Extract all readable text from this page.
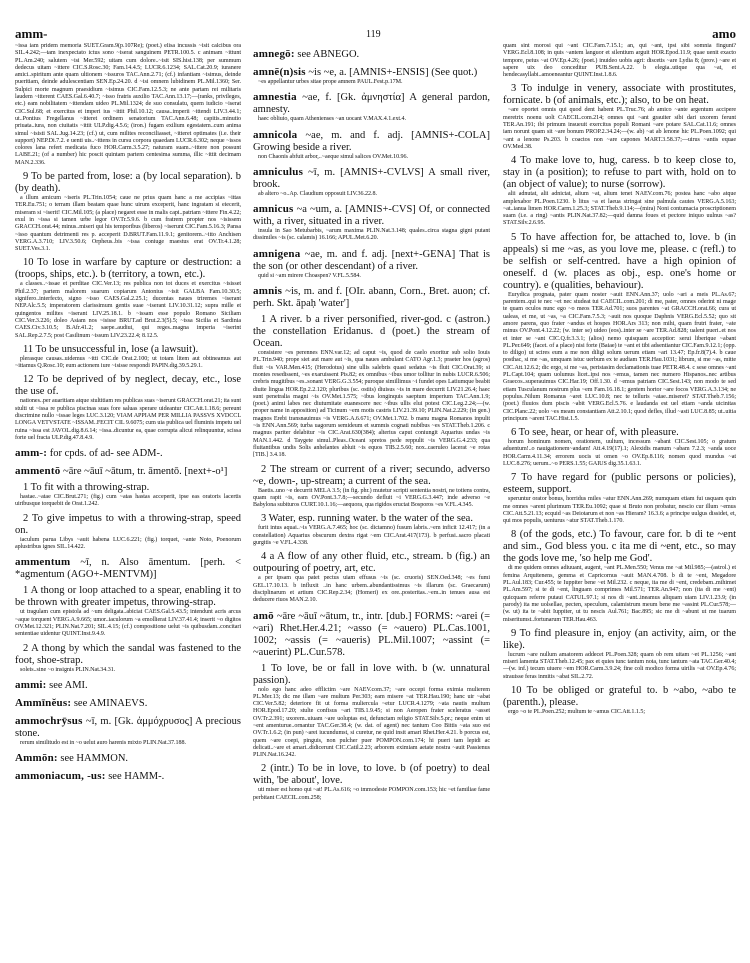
amm-	119	amo

~issa iam pridem memoria SUET.Gram.9(p.107Re); (poet.) elisa incussis ~isit calcibus ora SIL.4.242;—tam inexpectato ictus sono ~iserat sanguinem PETR.100.5. c animam ~ittunt PL.Am.240; salutem ~isi Mer.592; uitam cum dolore..~isit SIS.hist.138; per summum dedecus uitam ~ittere CIC.S.Rosc.30; Fam.14.4.5; LUCR.6.1234; SAL.Cat.20.9; iuranere amici..spiritum ante quam ultionem ~issuros TAC.Ann.2.71; (cf.) infantiam ~isimus, deinde pueritiam, deinde adulescentiam SEN.Ep.24.20. d ~isi omnem lubidinem PL.Mil.1360; Ser. Sulpici morte magnum praesidium ~isimus CIC.Fam.12.5.3; ne ante partam rei militaris laudem ~itterent CAES.Gal.6.40.7; ~isso fratris auxilio TAC.Ann.13.17;—(ranks, privileges, etc.) eam nobilitatem ~ittendam uideo PL.Mil.1324; de suo consulatu, quem iudicio ~iserat CIC.Sul.68; et exercitus et imperi ius ~ittit Phil.10.12; causa..imperii ~ittendi LIV.3.44.1; ut..Pontius Fregellanus ~itteret ordinem senatorium TAC.Ann.6.48; capitis..minutio priuata..iura, non ciuitatis ~ittit ULP.dig.4.5.6; (iron.) fugam exilium egestatem..cum anima simul ~isisti SAL.Jug.14.23; (cf.) ut, cum milites reconciliasset, ~itteret optimates (i.e. their support) NEP.Di.7.2. e uenti uis..~ittens in cursu corpora quaedam LUCR.6.302; neque ~issos colores lana refert medicata fuco HOR.Carm.3.5.27; naturam suam..~ittere non possunt LABE.21; (of a number) hic poscit quintam partem centesima summa, illic ~ittit decimam MAN.2.336.

9 To be parted from, lose: a (by local separation). b (by death).

a illum amicum ~iseris PL.Trin.1054; caue ne prius quam hanc a me accipias ~ittas TER.Eu.751; o terram illam beatam quae hunc uirum exceperit, hanc ingratam si eiecerit, miseram si ~iserit! CIC.Mil.105; (a place) negaret esse in malis capi..patriam ~ittere Fin.4.22; exul in ~issa si tamen urbe legor OV.Tr.5.9.6. b cum fratrem propter nos ~isissem GRACCH.orat.44; minus..miseri qui his temporibus (liberos) ~iserunt CIC.Fam.5.16.3; Pansa ~isso quantum detrimenti res p. acceperit D.BRUT.Fam.11.9.1; genitorem..~itto Anchisen VERG.A.3.710; LIV.3.50.6; Orpheus..bis ~issa coniuge maestus erat OV.Tr.4.1.28; SUET.Ves.3.1.

10 To lose in warfare by capture or destruction: a (troops, ships, etc.). b (territory, a town, etc.).

a classes..~issae et perditae CIC.Ver.13; res publica non tot duces et exercitus ~isisset Phil.2.37; partem malorem suarum copiarum Antonius ~isit GALBA Fam.10.30.5; signifero..interfecto, signo ~isso CAES.Gal.2.25.1; ducentas naues triremes ~iserant NEP.Alc.5.5; imperatorem clarissimum gentis suae ~iserant LIV.10.31.12; supra mille et quingentos milites ~iserant LIV.25.18.1. b ~issam esse populo Romano Siciliam CIC.Ver.3.226; doleo Asiam nos ~isisse BRUT.ad Brut.2.3(5).5; ~issa Sicilia et Sardinia CAES.Civ.3.10.5; B.Afr.41.2; saepe..audiui, qui reges..magna imperia ~iserint SAL.Rep.2.7.5; post Casilinum ~issum LIV.23.22.4; 8.12.5.

11 To be unsuccessful in, lose (a lawsuit).

plerasque causas..uidemus ~itti CIC.de Orat.2.100; ut totam litem aut obtineamus aut ~ittamus Q.Rosc.10; eum actionem iure ~isisse respondi PAPIN.dig.39.5.29.1.

12 To be deprived of by neglect, decay, etc., lose the use of.

nationes..per auaritiam atque stultitiam res publicas suas ~iserunt GRACCH.orat.21; ita sunt stulti ut ~issa re publica piscinas suas fore saluas sperare uideantur CIC.Att.1.18.6; pereunt discrimine nullo ~issae leges LUC.3.120; VIAM APPIAM PER MILLIA PASSVS XVDCCL LONGA VETVSTATE ~ISSAM..FECIT CIL 9.6075; cum uia publica uel fluminis impetu uel ruina ~issa est JAVOL.dig.8.6.14; ~issa..dicuntur ea, quae corrupta alicui relinquuntur, scissa forte uel fracta ULP.dig.47.8.4.9.

amm-: for cpds. of ad- see ADM-.

ammentō ~āre ~āuī ~ātum, tr. āmentō. [next+-o¹]

1 To fit with a throwing-strap.

hastae..~atae CIC.Brut.271; (fig.) cum ~atas hastas acceperit, ipse eas oratoris lacertis uiribusque torquebit de Orat.1.242.

2 To give impetus to with a throwing-strap, speed on.

iaculum parua Libys ~auit habena LUC.6.221; (fig.) torquet, ~ante Noto, Poenorum aplustribus ignes SIL.14.422.

ammentum ~ī, n. Also āmentum. [perh. < *agmentum (AGO+-MENTVM)]

1 A thong or loop attached to a spear, enabling it to be thrown with greater impetus, throwing-strap.

ut tragulam cum epistola ad ~um deligata..abiciat CAES.Gal.5.43.5; intendunt acris arcus ~aque torquent VERG.A.9.665; umor..iaculorum ~a emollierat LIV.37.41.4; inserit ~o digitos OV.Met.12.321; PLIN.Nat.7.201; SIL.4.15; (cf.) compositione uelut ~is quibusdam..concitari sententiae uidentur QUINT.Inst.9.4.9.

2 A thong by which the sandal was fastened to the foot, shoe-strap.

soleis..sine ~o insignis PLIN.Nat.34.31.

ammi: see AMI.

Ammīnĕus: see AMINAEVS.

ammochrȳsus ~ī, m. [Gk. ἀμμόχρυσος] A precious stone.

rerum similitudo est in ~o uelut auro harenis mixto PLIN.Nat.37.188.

Ammōn: see HAMMON.

ammoniacum, -us: see HAMM-.

amnegō: see ABNEGO.

amnē(n)sis ~is ~e, a. [AMNIS+-ENSIS] (See quot.)

~es appellantur urbes sitae prope amnem PAUL.Fest.p.17M.

amnestia ~ae, f. [Gk. ἀμνηστία] A general pardon, amnesty.

haec obliuio, quam Athenienses ~an uocant V.MAX.4.1.ext.4.

amnicola ~ae, m. and f. adj. [AMNIS+-COLA] Growing beside a river.

non Chaonis abfuit arbor,..~aeque simul salices OV.Met.10.96.

amniculus ~ī, m. [AMNIS+-CVLVS] A small river, brook.

ab altero ~o..Ap. Claudium opposuit LIV.36.22.8.

amnicus ~a ~um, a. [AMNIS+-CVS] Of, or connected with, a river, situated in a river.

insula in Sao Metubarbis, ~arum maxima PLIN.Nat.3.148; quales..circa stagna gigni putant dissimiles ~is (sc. calamis) 16.166; APUL.Met.6.20.

amnigena ~ae, m. and f. adj. [next+-GENA] That is the son (or other descendant) of a river.

quid si ~am mirere Choaspen? V.FL.5.584.

amnis ~is, m. and f. [OIr. abann, Corn., Bret. auon; cf. perh. Skt. āpaḥ 'water']

1 A river. b a river personified, river-god. c (astron.) the constellation Eridanus. d (poet.) the stream of Ocean.

consistere ~es perennes ENN.var.12; ad caput ~is, quod de caelo exoritur sub solio Iouis PL.Trin.940; prope siet aut mare aut ~is, qua naues ambulant CATO Agr.1.3; praeter hos (agros) fluit ~is VAR.Men.415; (Herodotus) sine ullis salebris quasi sedatus ~is fluit CIC.Orat.39; si montes resedissent, ~es exaruissent Pis.82; ex omnibus ~ibus umor tollitur in nubis LUCR.6.506; crebris mugitibus ~es..sonant VERG.G.3.554; puroque simillimus ~i fundet opes Latiumque beabit diuite lingua HOR.Ep.2.2.120; pluribus (sc. ostiis) diuisus ~is in mare decurrit LIV.21.26.4; haec sunt penetralia magni ~is OV.Met.1.575; ~ibus longinquis saeptum imperium TAC.Ann.1.9; (poet.) animi labes nec diuturnitate euanescere nec ~ibus ullis elui potest CIC.Leg.2.24;—(w. proper name in apposition) ad Ticinum ~em motis castris LIV.21.39.10; PLIN.Nat.2.229; (in gen.) magnos Erebi transnauimus ~is VERG.A.6.671; OV.Met.1.702. b manu magna Romanos inpulit ~is ENN.Ann.569; turba uagorum semideum et summis cognati nubibus ~es STAT.Theb.1.206. c magnus pariter delabitur ~is CIC.Arat.630(384); alterius caput coniungit Aquarius undas ~is MAN.1.442. d Taygete simul..Pleas..Oceani spretos pede reppulit ~is VERG.G.4.233; qua fluitantibus undis Solis anhelantes abluit ~is equos TIB.2.5.60; nox..caeruleo lacerat ~e rotas [TIB.] 3.4.18.

2 The stream or current of a river; secundo, adverso ~e, down-, up-stream; a current of the sea.

Baetis..uno ~e decurrit MELA 3.5; (in fig. phr.) mutetur scripti sententia nostri, ne totiens contra, quam rapit ~is, eam OV.Pont.3.7.8;—secundo defluit ~i VERG.G.3.447; inde adverso ~e Babylona subituros CURT.10.1.16;—aequora, qua rigidos eructat Bosporos ~es V.FL.4.345.

3 Water, esp. running water. b the water of the sea.

furit intus aquai..~is VERG.A.7.465; hoc (sc. dictamno) fusum labris..~em inficit 12.417; (in a constellation) Aquarius obscurum dextra rigat ~em CIC.Arat.417(173). b perfusi..sacro placati gurgitis ~e V.FL.4.338.

4 a A flow of any other fluid, etc., stream. b (fig.) an outpouring of poetry, art, etc.

a per ipsam qua patet pectus uiam effusus ~is (sc. cruoris) SEN.Oed.348; ~es fumi GEL.17.10.13. b influxit ..in hanc urbem..abundantissimus ~is illarum (sc. Graecarum) disciplinarum et artium CIC.Rep.2.34; (Homeri) ex ore..posteritas..~em..in tenues ausa est deducere riuos MAN.2.10.

amō ~āre ~āuī ~ātum, tr., intr. [dub.] FORMS: ~arei (= ~ari) Rhet.Her.4.21; ~asso (= ~auero) PL.Cas.1001, 1002; ~assis (= ~aueris) PL.Mil.1007; ~assint (= ~auerint) PL.Cur.578.

1 To love, be or fall in love with. b (w. unnatural passion).

nolo ego hanc adeo efflictim ~are NAEV.com.37; ~are occepi forma eximia mulierem PL.Mer.13; dic me illam ~are multum Per.303; eam misere ~at TER.Hau.190; hanc uir ~abat CIC.Ver.5.82; deteriore fit ut forma muliercula ~etur LUCR.4.1279; ~ata nautis multum HOR.Epod.17.20; stulte confisus ~ari TIB.1.9.45; si non Aeropen frater sceleratus ~asset OV.Tr.2.391; uxorem..uiuam ~are uoluptas est, defunctam religio STAT.Silv.5.pr.; neque enim ut ~ent amenturue..ornantur TAC.Ger.38.4; (w. dat. of agent) nec tantum Coo Bittis ~ata suo est OV.Tr.1.6.2; (in pun) ~arei iucundumst, si curetur, ne quid insit amari Rhet.Her.4.21. b porcus est, quem ~are coepi, pinguis, non pulcher puer POMPON.com.174; hi pueri tam lepidi ac delicati..~are et amari..didicerunt CIC.Catil.2.23; arborem eximiam aetate nostra ~auit Passienus PLIN.Nat.16.242.

2 (intr.) To be in love, to love. b (of poetry) to deal with, 'be about', love.

uti miser est homo qui ~at! PL.As.616; ~o immodeste POMPON.com.153; hic ~et familiae fame perbitant CAECIL.com.258;

quam sint morosi qui ~ant CIC.Fam.7.15.1; an, qui ~ant, ipsi sibi somnia fingunt? VERG.Ecl.8.108; in quis ~antem languor et silentium arguit HOR.Epod.11.9; quae uenit exacto tempore, peius ~at OV.Ep.4.26; (poet.) inuideo uobis agri: discetis ~are Lydia 8; (prov.) ~are et sapere uix deo conceditur PUB.Sent.A.22. b elegia..utique qua ~at, et hendecasyllabi..amoeneantur QUINT.Inst.1.8.6.

3 To indulge in venery, associate with prostitutes, fornicate. b (of animals, etc.); also, to be on heat.

~are oportet omnis qui quod dent habent PL.Truc.76; ab amico ~ante argentum accipere meretrix noenu uolt CAECIL.com.214; omnes qui ~ant grauiter sibi dari uxorem ferunt TER.An.191; ibi primum insueuit exercitus populi Romani ~are potare SAL.Cat.11.6; omnes iam norunt quam sit ~are bonum PROP.2.34.24;—(w. ab) ~at ab lenone hic PL.Poen.1092; qui ~ant a lenone Ps.203. b coactos non ~are capones MART.3.58.37;—uirus ~antis equae OV.Med.38.

4 To make love to, hug, caress. b to keep close to, stay in (a position); to refuse to part with, hold on to (an object of value); to nurse (sorrow).

alii adnutat, alii adnictat, alium ~at, alium tenet NAEV.com.76; postea hanc ~abo atque amplexabor PL.Poen.1230. b litus ~a et laeua stringat sine palmula cautes VERG.A.5.163; ~at..ianua limen HOR.Carm.1.25.3; STAT.Theb.9.114;—(mira) Noni contumacia proscriptionem suam (i.e. a ring) ~antis PLIN.Nat.37.82;—quid damna foues et pectore iniquo uulnus ~as? STAT.Silv.2.6.95.

5 To have affection for, be attached to, love. b (in appeals) si me ~as, as you love me, please. c (refl.) to be selfish or self-centred. have a high opinion of oneself. d (w. places as obj., esp. one's home or country). e (qualities, behaviour).

Eurydica prognata, pater quam noster ~auit ENN.Ann.37; uolo ~ari a meis PL.As.67; parentem..qui te nec ~et nec studeat tui CAECIL.com.201; di me, pater, omnes oderint ni mage te quam oculos nunc ego ~o meos TER.Ad.701; suos parentes ~at GRACCH.orat.66; cura ut ualeas, et me, ut ~as, ~a CIC.Fam.7.5.3; ~auit nos quoque Daphnis VERG.Ecl.5.52; quo sit amore parens, quo frater ~andus et hospes HOR.Ars 313; non mihi, quam frutri frater, ~ate minus OV.Pont.4.12.22; (w. inter se) uideo (eos)..inter se ~are TER.Ad.828; ualent pueri..et nos et inter se ~ant CIC.Q.fr.3.3.1; (alios) nemo quisquam acceptior: serui liberique ~abant PL.Per.649; (facet. of a place) nisi forte (Baiae) te ~ant et tibi adsentiantur CIC.Fam.9.12.1; (opp. to diligo) ut scires eum a me non diligi solum uerum etiam ~ari 13.47; Ep.fr.8(7).4. b caue posthac, si me ~as, umquam istuc uerbum ex te audiam TER.Hau.1031; librum, si me ~as, mitte CIC.Att.12.6.2; dic ergo, si me ~as, peristasim declamationis tuae PETR.48.4. c sese omnes ~ant PL.Capt.104; quam uolumus licet..ipsi nos ~emus, tamen nec numero Hispanos..nec artibus Graecos..superauimus CIC.Har.19; Off.1.30. d ~emus patriam CIC.Sest.143; non modo te sed etiam Tusculanum nostrum plus ~em Fam.16.18.1; gentem hortor ~are focos VERG.A.3.134; ne populus..Nilum Romanus ~aret LUC.10.8; nec te telluris ~atae..miseret? STAT.Theb.7.156; (poet.) fluuios dum piscis ~abit VERG.Ecl.5.76. e laudanda est uel etiam ~anda uicinitas CIC.Planc.22; uolo ~es meam constantiam Att.2.10.1; quod defles, illud ~asti LUC.8.85; ut..uitia principum ~arent TAC.Hist.1.5.

6 To see, hear, or hear of, with pleasure.

horum hominum nomen, orationem, uultum, incessum ~abant CIC.Sest.105; o gratum aduentum!..o nauigationem~andam! Att.4.19(17).1; Alexidis manum ~abam 7.2.3; ~anda uoce HOR.Carm.4.11.34; errorem uocis ut omen ~o OV.Ep.8.116; nomen quod mundus ~at LUC.8.276; uerum..~o PERS.1.55; GAIUS dig.35.1.63.1.

7 To have regard for (public persons or policies), esteem, support.

speruntur orator bonus, horridus miles ~atur ENN.Ann.269; numquam etiam fui usquam quin me omnes ~arent plurimum TER.Eu.1092; quae si Bruto non probatur, nescio cur illum ~emus CIC.Att.5.21.13; ecquid ~as Deiotarum et non ~as Hieram? 16.3.6; a principe uulgus dissidet, et, qui mos populis, uenturus ~atur STAT.Theb.1.170.

8 (of the gods, etc.) To favour, care for. b di te ~ent and sim., God bless you. c ita me di ~ent, etc., so may the gods love me, 'so help me God'.

di me quidem omnes adiuuant, augent, ~ant PL.Men.550; Venus me ~at Mil.985;—(astrol.) et femina Arquitenens, gemma et Capricornus ~auit MAN.4.708. b di te ~ent, Megadore PL.Aul.183; Cur.455; te Iuppiter bene ~et Mil.232. c neque, ita me di ~ent, credebam..mihimet PL.Am.597; si te di ~ent, linguam comprimes Mil.571; TER.An.947; non (ita di me ~ent) quicquam referre putaui CATUL.97.1; si nos di ~ant..ineamus aliquam uiam LIV.1.23.9; (in parody) ita me uolsellae, pecten, speculum, calamistrum meum bene me ~assint PL.Cur.578;—(w. ut) ita te ~abit Iuppiter, ut tu nescis Aul.761; Bac.895; sic me di ~abunt ut me tuarum miseritumst..fortunarum TER.Hau.463.

9 To find pleasure in, enjoy (an activity, aim, or the like).

lucrum ~are nullum amatorem addecet PL.Poen.328; quam ob rem uitam ~et PL.1256; ~ant miseri lamenta STAT.Theb.12.45; pax et quies tunc tantum nota, tunc tantum ~ata TAC.Ger.40.4;—(w. inf.) tecum uiuere ~em HOR.Carm.3.9.24; fine coli modico forma uirilis ~at OV.Ep.4.76; strauisse feras inmitis ~abat SIL.2.72.

10 To be obliged or grateful to. b ~abo, ~abo te (parenth.), please.

ergo ~o te PL.Poen.252; multum te ~amus CIC.Att.1.1.5;
